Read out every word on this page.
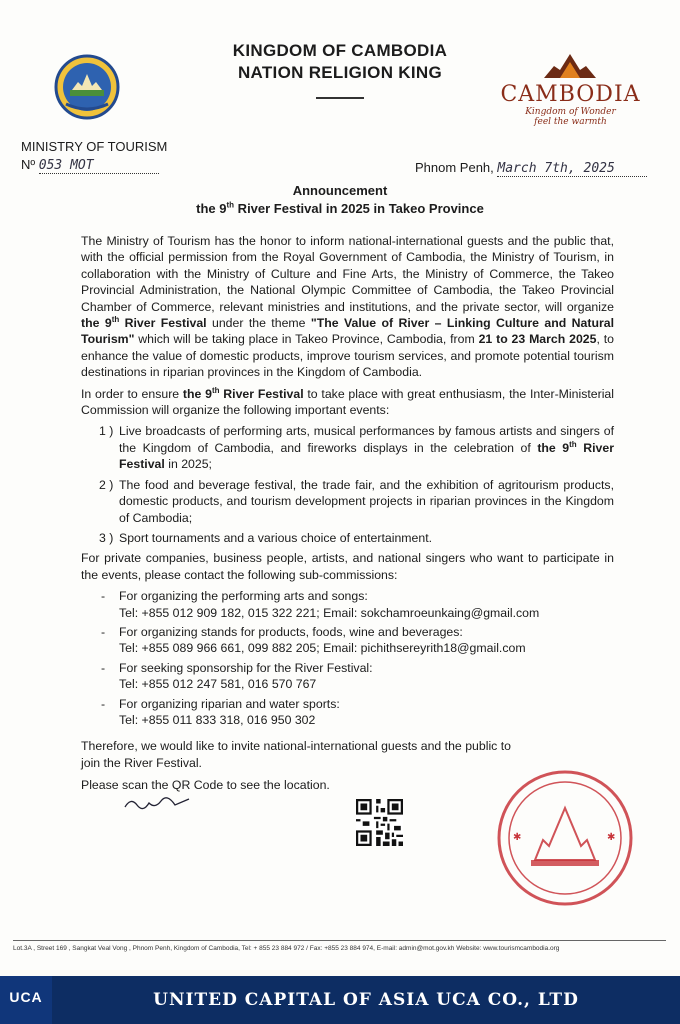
KINGDOM OF CAMBODIA
NATION RELIGION KING
CAMBODIA
Kingdom of Wonder
feel the warmth
MINISTRY OF TOURISM
Nº 053 MOT	Phnom Penh, March 7th, 2025
Announcement
the 9th River Festival in 2025 in Takeo Province

The Ministry of Tourism has the honor to inform national-international guests and the public that, with the official permission from the Royal Government of Cambodia, the Ministry of Tourism, in collaboration with the Ministry of Culture and Fine Arts, the Ministry of Commerce, the Takeo Provincial Administration, the National Olympic Committee of Cambodia, the Takeo Provincial Chamber of Commerce, relevant ministries and institutions, and the private sector, will organize the 9th River Festival under the theme "The Value of River – Linking Culture and Natural Tourism" which will be taking place in Takeo Province, Cambodia, from 21 to 23 March 2025, to enhance the value of domestic products, improve tourism services, and promote potential tourism destinations in riparian provinces in the Kingdom of Cambodia.

In order to ensure the 9th River Festival to take place with great enthusiasm, the Inter-Ministerial Commission will organize the following important events:

1 ) Live broadcasts of performing arts, musical performances by famous artists and singers of the Kingdom of Cambodia, and fireworks displays in the celebration of the 9th River Festival in 2025;
2 ) The food and beverage festival, the trade fair, and the exhibition of agritourism products, domestic products, and tourism development projects in riparian provinces in the Kingdom of Cambodia;
3 ) Sport tournaments and a various choice of entertainment.

For private companies, business people, artists, and national singers who want to participate in the events, please contact the following sub-commissions:

- For organizing the performing arts and songs:
Tel: +855 012 909 182, 015 322 221; Email: sokchamroeunkaing@gmail.com
- For organizing stands for products, foods, wine and beverages:
Tel: +855 089 966 661, 099 882 205; Email: pichithsereyrith18@gmail.com
- For seeking sponsorship for the River Festival:
Tel: +855 012 247 581, 016 570 767
- For organizing riparian and water sports:
Tel: +855 011 833 318, 016 950 302

Therefore, we would like to invite national-international guests and the public to join the River Festival.

Please scan the QR Code to see the location.

✱	✱
Lot.3A , Street 169 , Sangkat Veal Vong , Phnom Penh, Kingdom of Cambodia, Tel: + 855 23 884 972 / Fax: +855 23 884 974, E-mail: admin@mot.gov.kh Website: www.tourismcambodia.org
UCA	UNITED CAPITAL OF ASIA UCA CO., LTD
